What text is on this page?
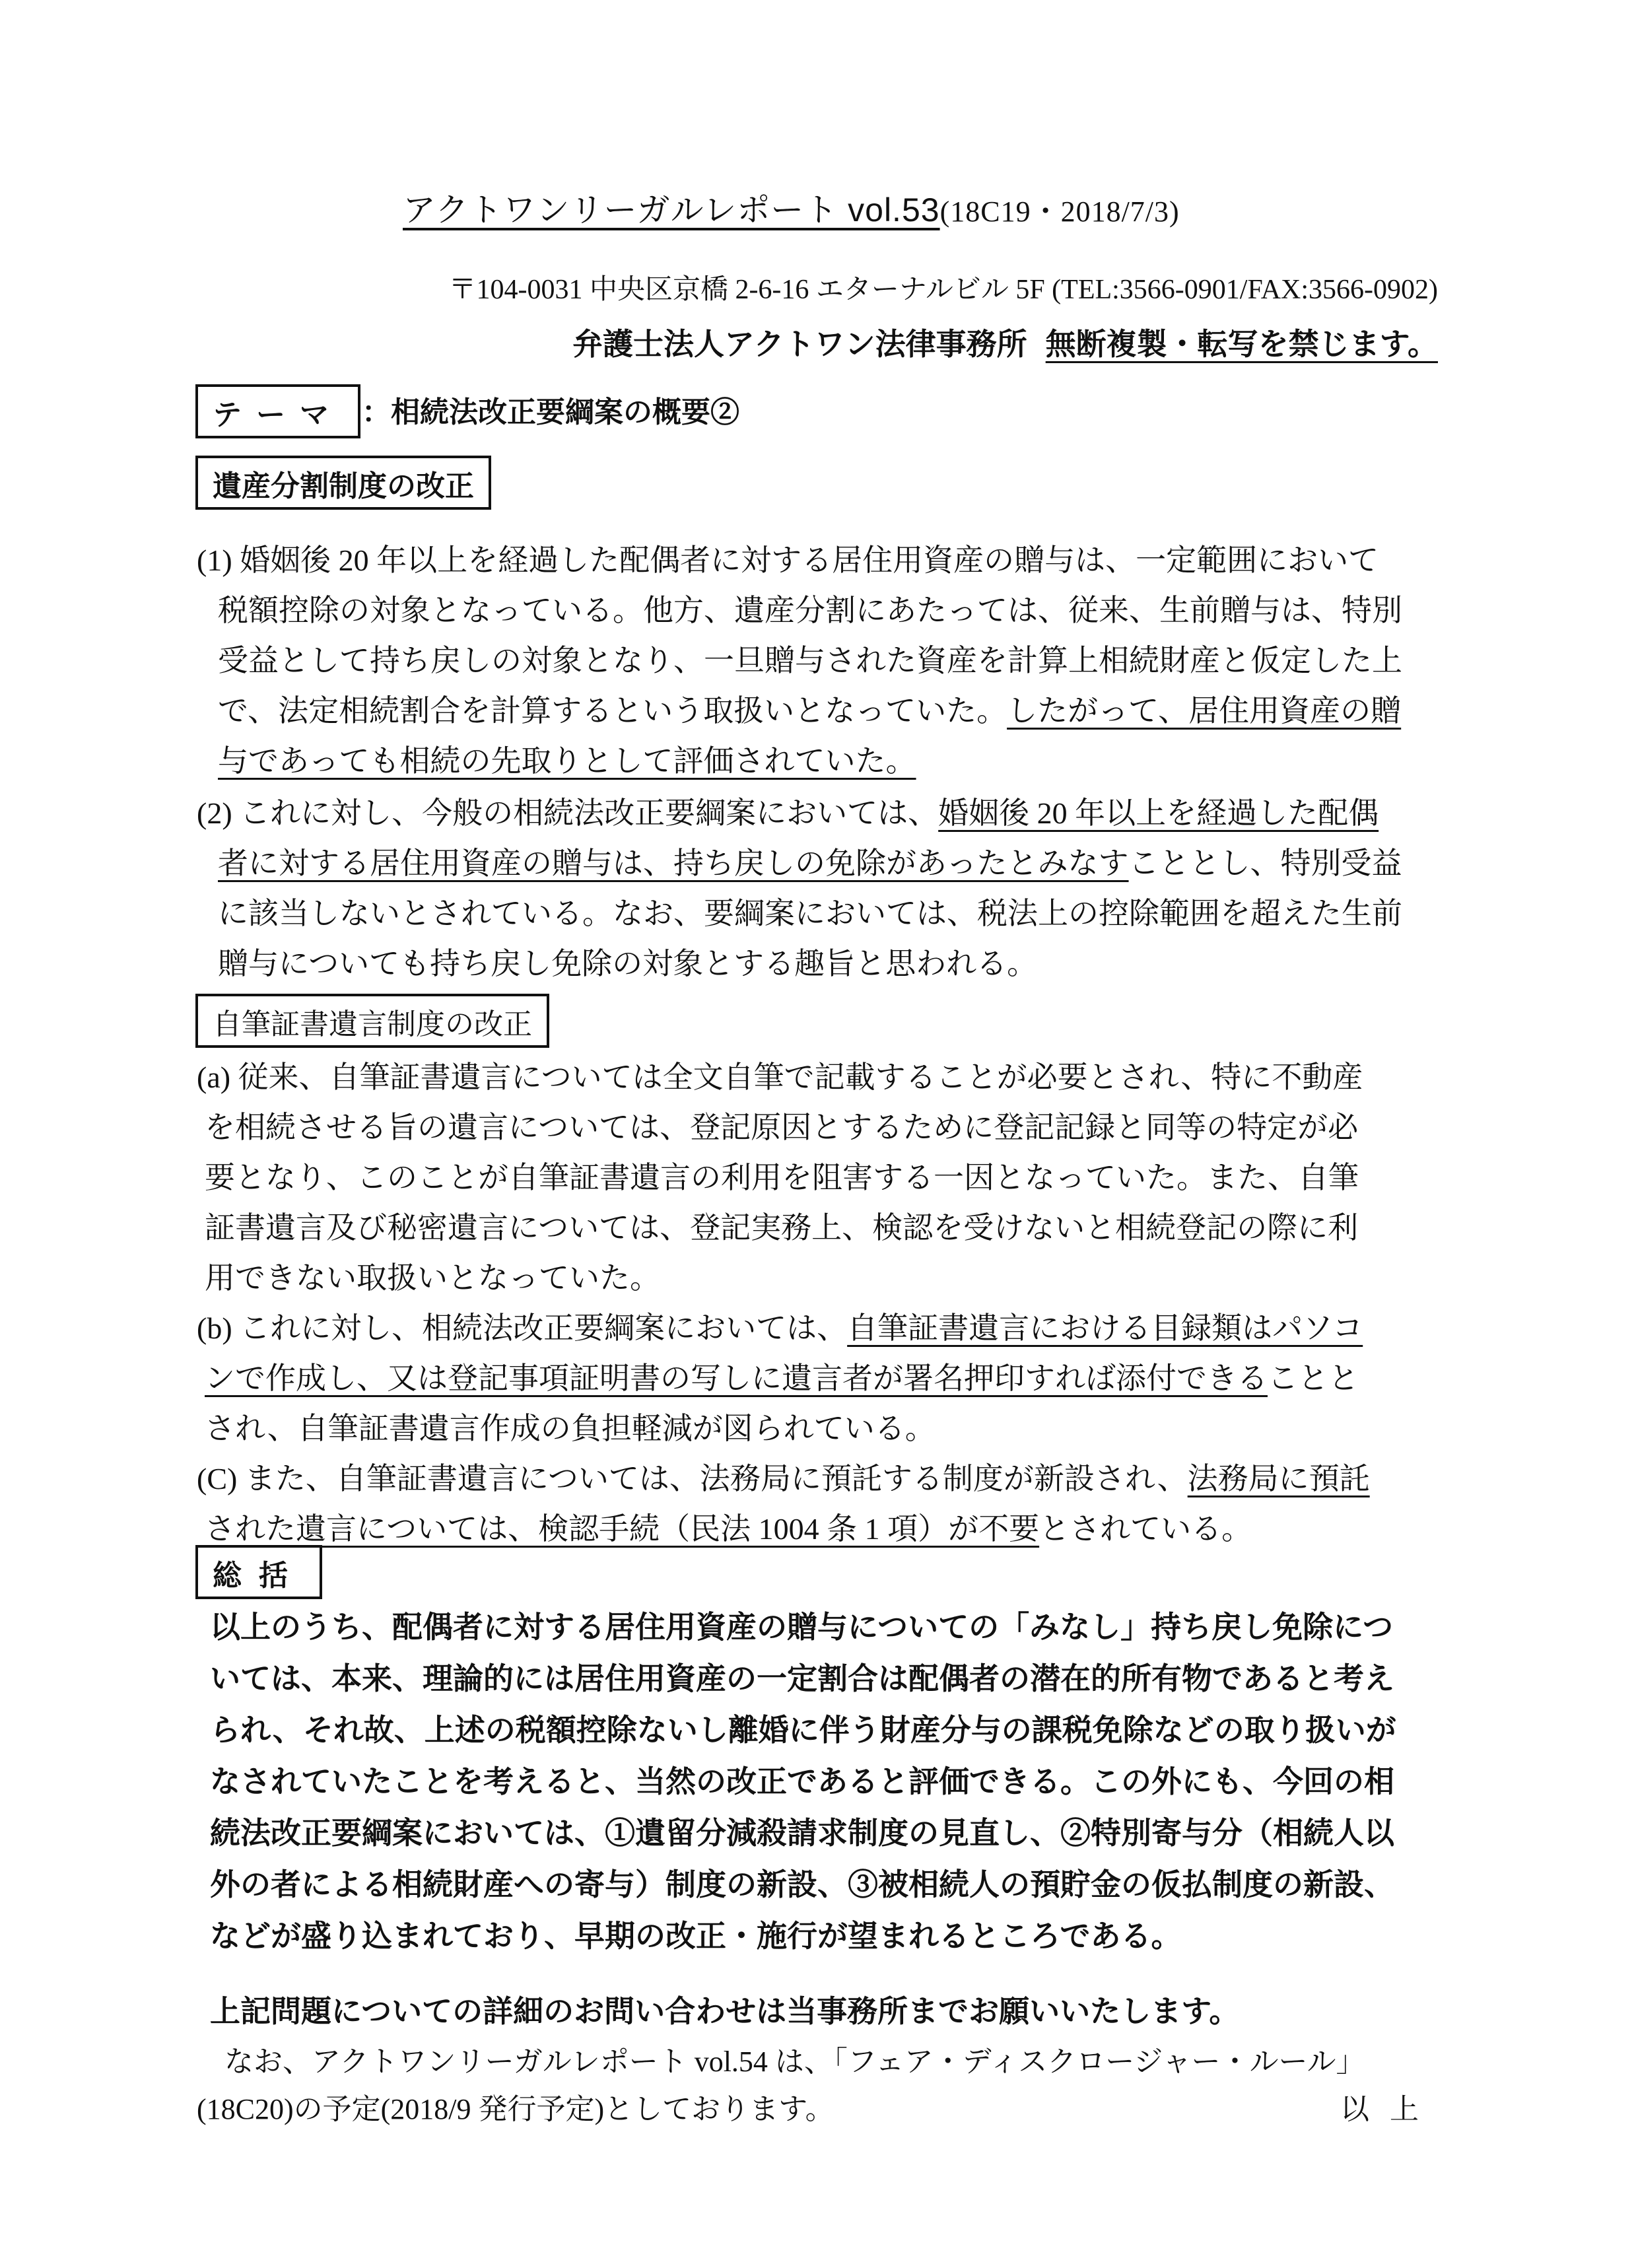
アクトワンリーガルレポート vol.53(18C19・2018/7/3)
〒104-0031 中央区京橋 2-6-16 エターナルビル 5F (TEL:3566-0901/FAX:3566-0902)
弁護士法人アクトワン法律事務所 無断複製・転写を禁じます。
テーマ ：相続法改正要綱案の概要②
遺産分割制度の改正
(1) 婚姻後 20 年以上を経過した配偶者に対する居住用資産の贈与は、一定範囲において
税額控除の対象となっている。他方、遺産分割にあたっては、従来、生前贈与は、特別
受益として持ち戻しの対象となり、一旦贈与された資産を計算上相続財産と仮定した上
で、法定相続割合を計算するという取扱いとなっていた。したがって、居住用資産の贈
与であっても相続の先取りとして評価されていた。
(2) これに対し、今般の相続法改正要綱案においては、婚姻後 20 年以上を経過した配偶
者に対する居住用資産の贈与は、持ち戻しの免除があったとみなすこととし、特別受益
に該当しないとされている。なお、要綱案においては、税法上の控除範囲を超えた生前
贈与についても持ち戻し免除の対象とする趣旨と思われる。
自筆証書遺言制度の改正
(a) 従来、自筆証書遺言については全文自筆で記載することが必要とされ、特に不動産
を相続させる旨の遺言については、登記原因とするために登記記録と同等の特定が必
要となり、このことが自筆証書遺言の利用を阻害する一因となっていた。また、自筆
証書遺言及び秘密遺言については、登記実務上、検認を受けないと相続登記の際に利
用できない取扱いとなっていた。
(b) これに対し、相続法改正要綱案においては、自筆証書遺言における目録類はパソコ
ンで作成し、又は登記事項証明書の写しに遺言者が署名押印すれば添付できることと
され、自筆証書遺言作成の負担軽減が図られている。
(C) また、自筆証書遺言については、法務局に預託する制度が新設され、法務局に預託
された遺言については、検認手続（民法 1004 条 1 項）が不要とされている。
総括
以上のうち、配偶者に対する居住用資産の贈与についての「みなし」持ち戻し免除につ
いては、本来、理論的には居住用資産の一定割合は配偶者の潜在的所有物であると考え
られ、それ故、上述の税額控除ないし離婚に伴う財産分与の課税免除などの取り扱いが
なされていたことを考えると、当然の改正であると評価できる。この外にも、今回の相
続法改正要綱案においては、①遺留分減殺請求制度の見直し、②特別寄与分（相続人以
外の者による相続財産への寄与）制度の新設、③被相続人の預貯金の仮払制度の新設、
などが盛り込まれており、早期の改正・施行が望まれるところである。
上記問題についての詳細のお問い合わせは当事務所までお願いいたします。
なお、アクトワンリーガルレポート vol.54 は、「フェア・ディスクロージャー・ルール」
(18C20)の予定(2018/9 発行予定)としております。	以 上
